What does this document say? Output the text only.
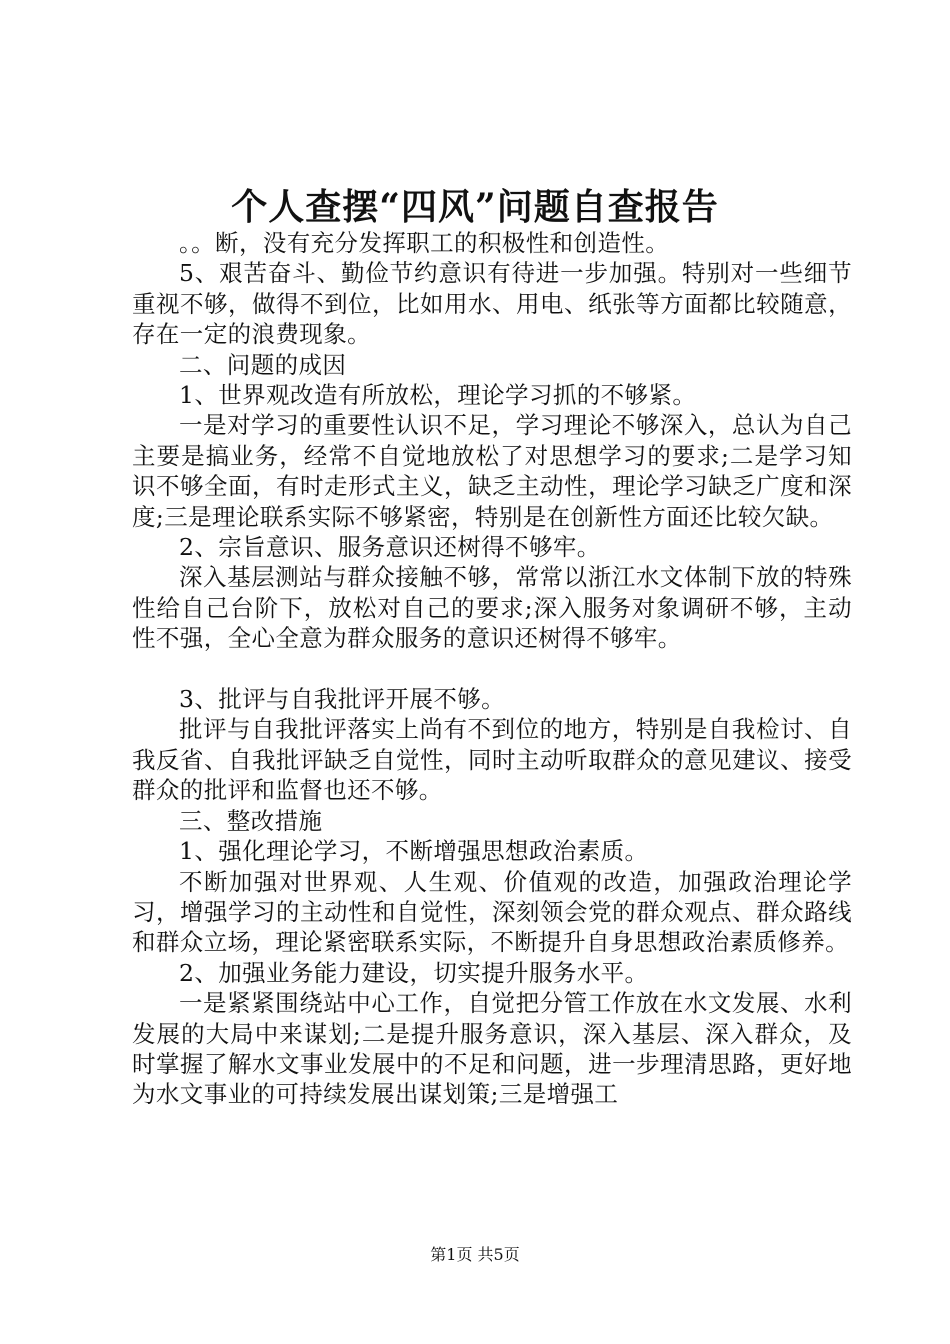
个人查摆“四风”问题自查报告

。。断，没有充分发挥职工的积极性和创造性。

5、艰苦奋斗、勤俭节约意识有待进一步加强。特别对一些细节重视不够，做得不到位，比如用水、用电、纸张等方面都比较随意，存在一定的浪费现象。

二、问题的成因

1、世界观改造有所放松，理论学习抓的不够紧。

一是对学习的重要性认识不足，学习理论不够深入，总认为自己主要是搞业务，经常不自觉地放松了对思想学习的要求;二是学习知识不够全面，有时走形式主义，缺乏主动性，理论学习缺乏广度和深度;三是理论联系实际不够紧密，特别是在创新性方面还比较欠缺。

2、宗旨意识、服务意识还树得不够牢。

深入基层测站与群众接触不够，常常以浙江水文体制下放的特殊性给自己台阶下，放松对自己的要求;深入服务对象调研不够，主动性不强，全心全意为群众服务的意识还树得不够牢。

3、批评与自我批评开展不够。

批评与自我批评落实上尚有不到位的地方，特别是自我检讨、自我反省、自我批评缺乏自觉性，同时主动听取群众的意见建议、接受群众的批评和监督也还不够。

三、整改措施

1、强化理论学习，不断增强思想政治素质。

不断加强对世界观、人生观、价值观的改造，加强政治理论学习，增强学习的主动性和自觉性，深刻领会党的群众观点、群众路线和群众立场，理论紧密联系实际，不断提升自身思想政治素质修养。

2、加强业务能力建设，切实提升服务水平。

一是紧紧围绕站中心工作，自觉把分管工作放在水文发展、水利发展的大局中来谋划;二是提升服务意识，深入基层、深入群众，及时掌握了解水文事业发展中的不足和问题，进一步理清思路，更好地为水文事业的可持续发展出谋划策;三是增强工

第1页 共5页
